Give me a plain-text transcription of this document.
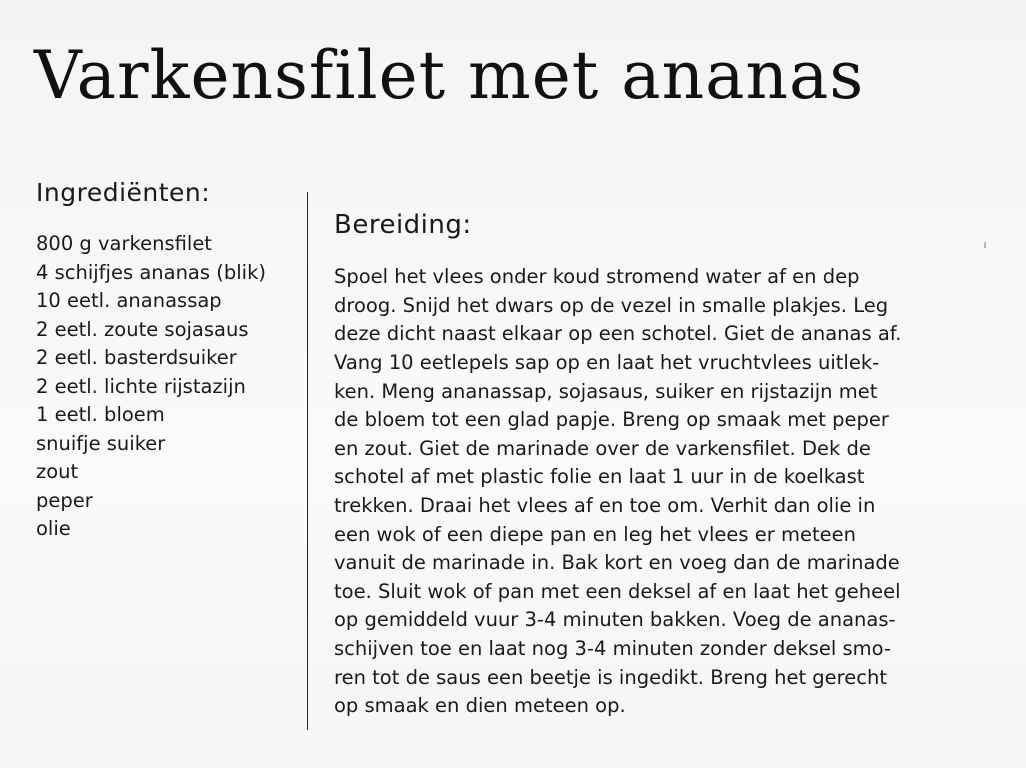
Varkensfilet met ananas
Ingrediënten:
800 g varkensfilet
4 schijfjes ananas (blik)
10 eetl. ananassap
2 eetl. zoute sojasaus
2 eetl. basterdsuiker
2 eetl. lichte rijstazijn
1 eetl. bloem
snuifje suiker
zout
peper
olie
Bereiding:
Spoel het vlees onder koud stromend water af en dep
droog. Snijd het dwars op de vezel in smalle plakjes. Leg
deze dicht naast elkaar op een schotel. Giet de ananas af.
Vang 10 eetlepels sap op en laat het vruchtvlees uitlek-
ken. Meng ananassap, sojasaus, suiker en rijstazijn met
de bloem tot een glad papje. Breng op smaak met peper
en zout. Giet de marinade over de varkensfilet. Dek de
schotel af met plastic folie en laat 1 uur in de koelkast
trekken. Draai het vlees af en toe om. Verhit dan olie in
een wok of een diepe pan en leg het vlees er meteen
vanuit de marinade in. Bak kort en voeg dan de marinade
toe. Sluit wok of pan met een deksel af en laat het geheel
op gemiddeld vuur 3-4 minuten bakken. Voeg de ananas-
schijven toe en laat nog 3-4 minuten zonder deksel smo-
ren tot de saus een beetje is ingedikt. Breng het gerecht
op smaak en dien meteen op.
